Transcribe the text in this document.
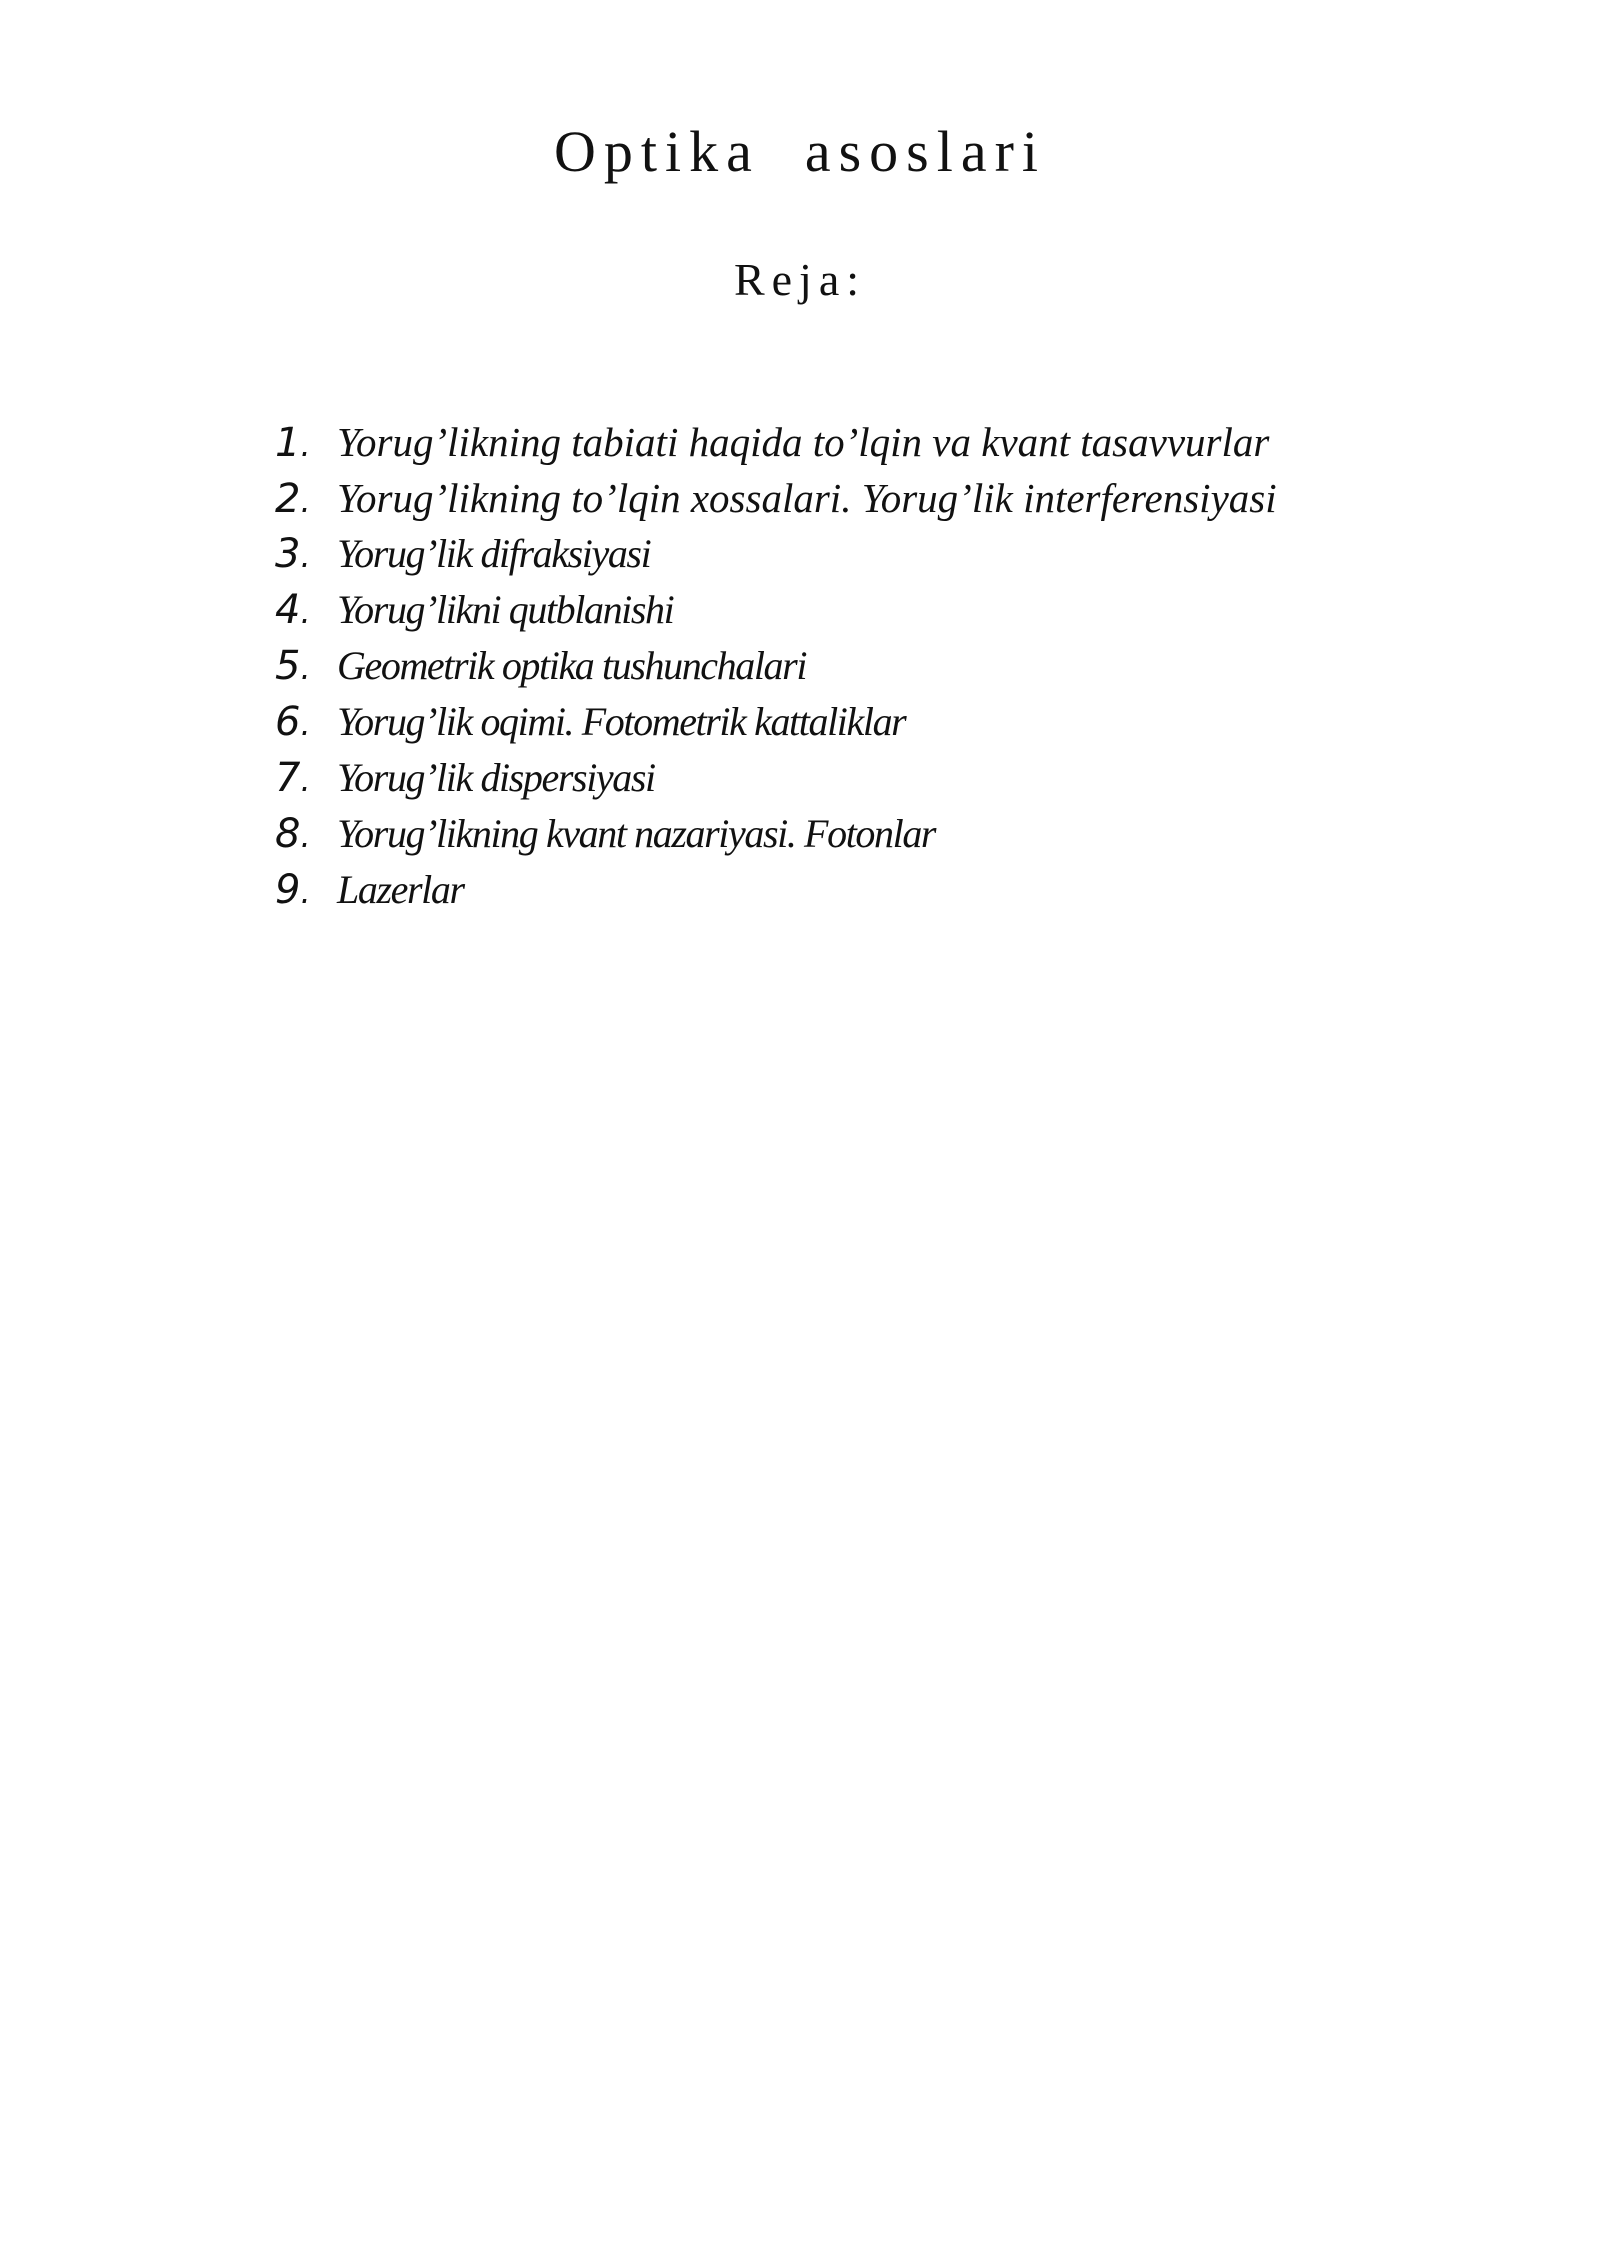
Optika  asoslari
Reja:
1. Yorug’likning tabiati haqida to’lqin va kvant tasavvurlar
2. Yorug’likning to’lqin xossalari. Yorug’lik interferensiyasi
3. Yorug’lik difraksiyasi
4. Yorug’likni qutblanishi
5. Geometrik optika tushunchalari
6. Yorug’lik oqimi. Fotometrik kattaliklar
7. Yorug’lik dispersiyasi
8. Yorug’likning kvant nazariyasi. Fotonlar
9. Lazerlar
